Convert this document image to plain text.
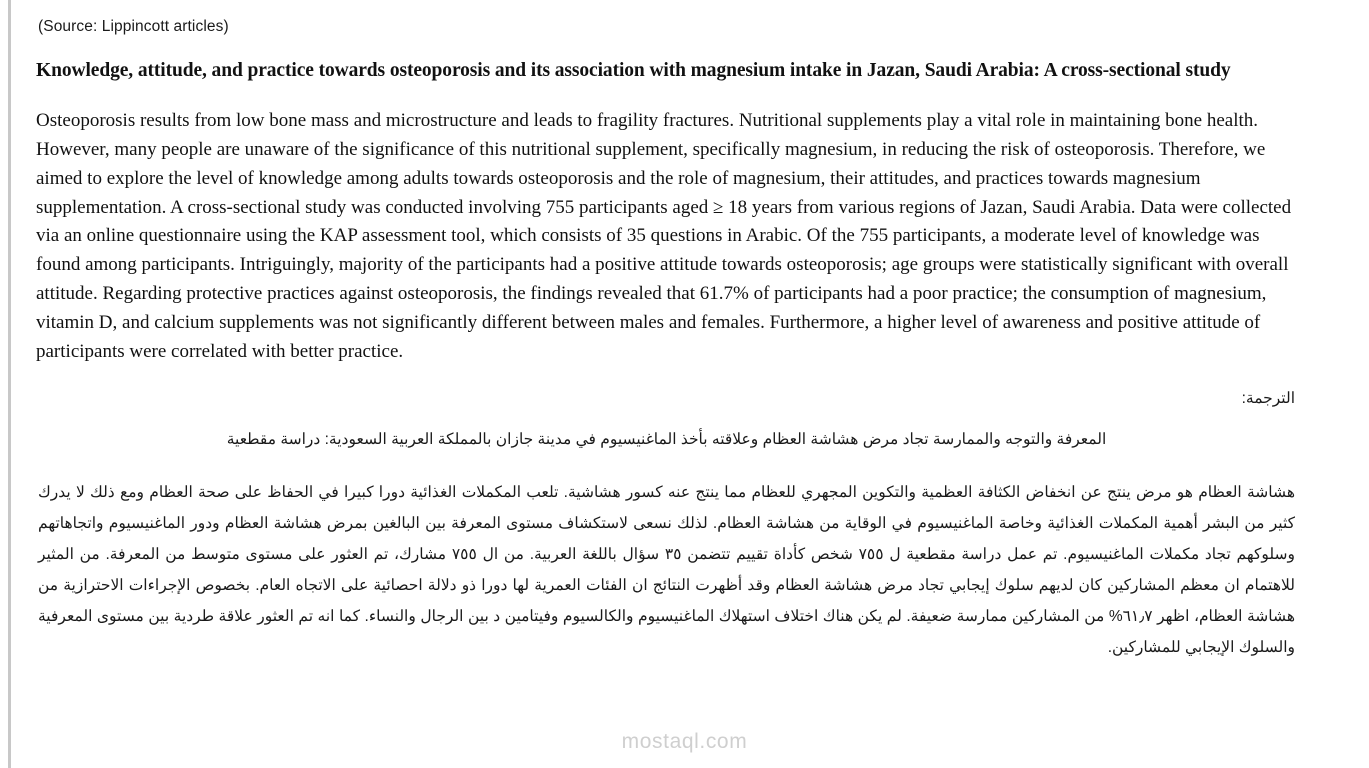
(Source: Lippincott articles)

Knowledge, attitude, and practice towards osteoporosis and its association with magnesium intake in Jazan, Saudi Arabia: A cross-sectional study

Osteoporosis results from low bone mass and microstructure and leads to fragility fractures. Nutritional supplements play a vital role in maintaining bone health. However, many people are unaware of the significance of this nutritional supplement, specifically magnesium, in reducing the risk of osteoporosis. Therefore, we aimed to explore the level of knowledge among adults towards osteoporosis and the role of magnesium, their attitudes, and practices towards magnesium supplementation. A cross-sectional study was conducted involving 755 participants aged ≥ 18 years from various regions of Jazan, Saudi Arabia. Data were collected via an online questionnaire using the KAP assessment tool, which consists of 35 questions in Arabic. Of the 755 participants, a moderate level of knowledge was found among participants. Intriguingly, majority of the participants had a positive attitude towards osteoporosis; age groups were statistically significant with overall attitude. Regarding protective practices against osteoporosis, the findings revealed that 61.7% of participants had a poor practice; the consumption of magnesium, vitamin D, and calcium supplements was not significantly different between males and females. Furthermore, a higher level of awareness and positive attitude of participants were correlated with better practice.

الترجمة:

المعرفة والتوجه والممارسة تجاد مرض هشاشة العظام وعلاقته بأخذ الماغنيسيوم في مدينة جازان بالمملكة العربية السعودية: دراسة مقطعية

هشاشة العظام هو مرض ينتج عن انخفاض الكثافة العظمية والتكوين المجهري للعظام مما ينتج عنه كسور هشاشية. تلعب المكملات الغذائية دورا كبيرا في الحفاظ على صحة العظام ومع ذلك لا يدرك كثير من البشر أهمية المكملات الغذائية وخاصة الماغنيسيوم في الوقاية من هشاشة العظام. لذلك نسعى لاستكشاف مستوى المعرفة بين البالغين بمرض هشاشة العظام ودور الماغنيسيوم واتجاهاتهم وسلوكهم تجاد مكملات الماغنيسيوم. تم عمل دراسة مقطعية ل ٧٥٥ شخص كأداة تقييم تتضمن ٣٥ سؤال باللغة العربية. من ال ٧٥٥ مشارك، تم العثور على مستوى متوسط من المعرفة. من المثير للاهتمام ان معظم المشاركين كان لديهم سلوك إيجابي تجاد مرض هشاشة العظام وقد أظهرت النتائج ان الفئات العمرية لها دورا ذو دلالة احصائية على الاتجاه العام. بخصوص الإجراءات الاحترازية من هشاشة العظام، اظهر ٦١٫٧% من المشاركين ممارسة ضعيفة. لم يكن هناك اختلاف استهلاك الماغنيسيوم والكالسيوم وفيتامين د بين الرجال والنساء. كما انه تم العثور علاقة طردية بين مستوى المعرفية والسلوك الإيجابي للمشاركين.

mostaql.com
